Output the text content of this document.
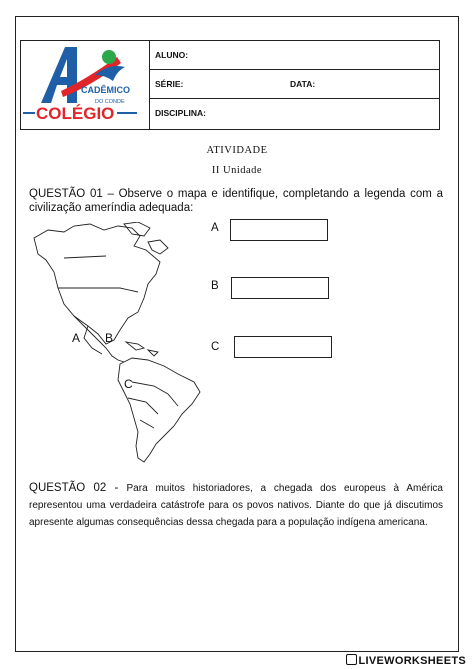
CADÊMICO
DO CONDE
COLÉGIO
ALUNO:
SÉRIE:	DATA:
DISCIPLINA:
ATIVIDADE
II Unidade
QUESTÃO 01 – Observe o mapa e identifique, completando a legenda com a civilização ameríndia adequada:
A B
C
A
B
C
QUESTÃO 02 - Para muitos historiadores, a chegada dos europeus à América representou uma verdadeira catástrofe para os povos nativos. Diante do que já discutimos apresente algumas consequências dessa chegada para a população indígena americana.
LIVEWORKSHEETS
